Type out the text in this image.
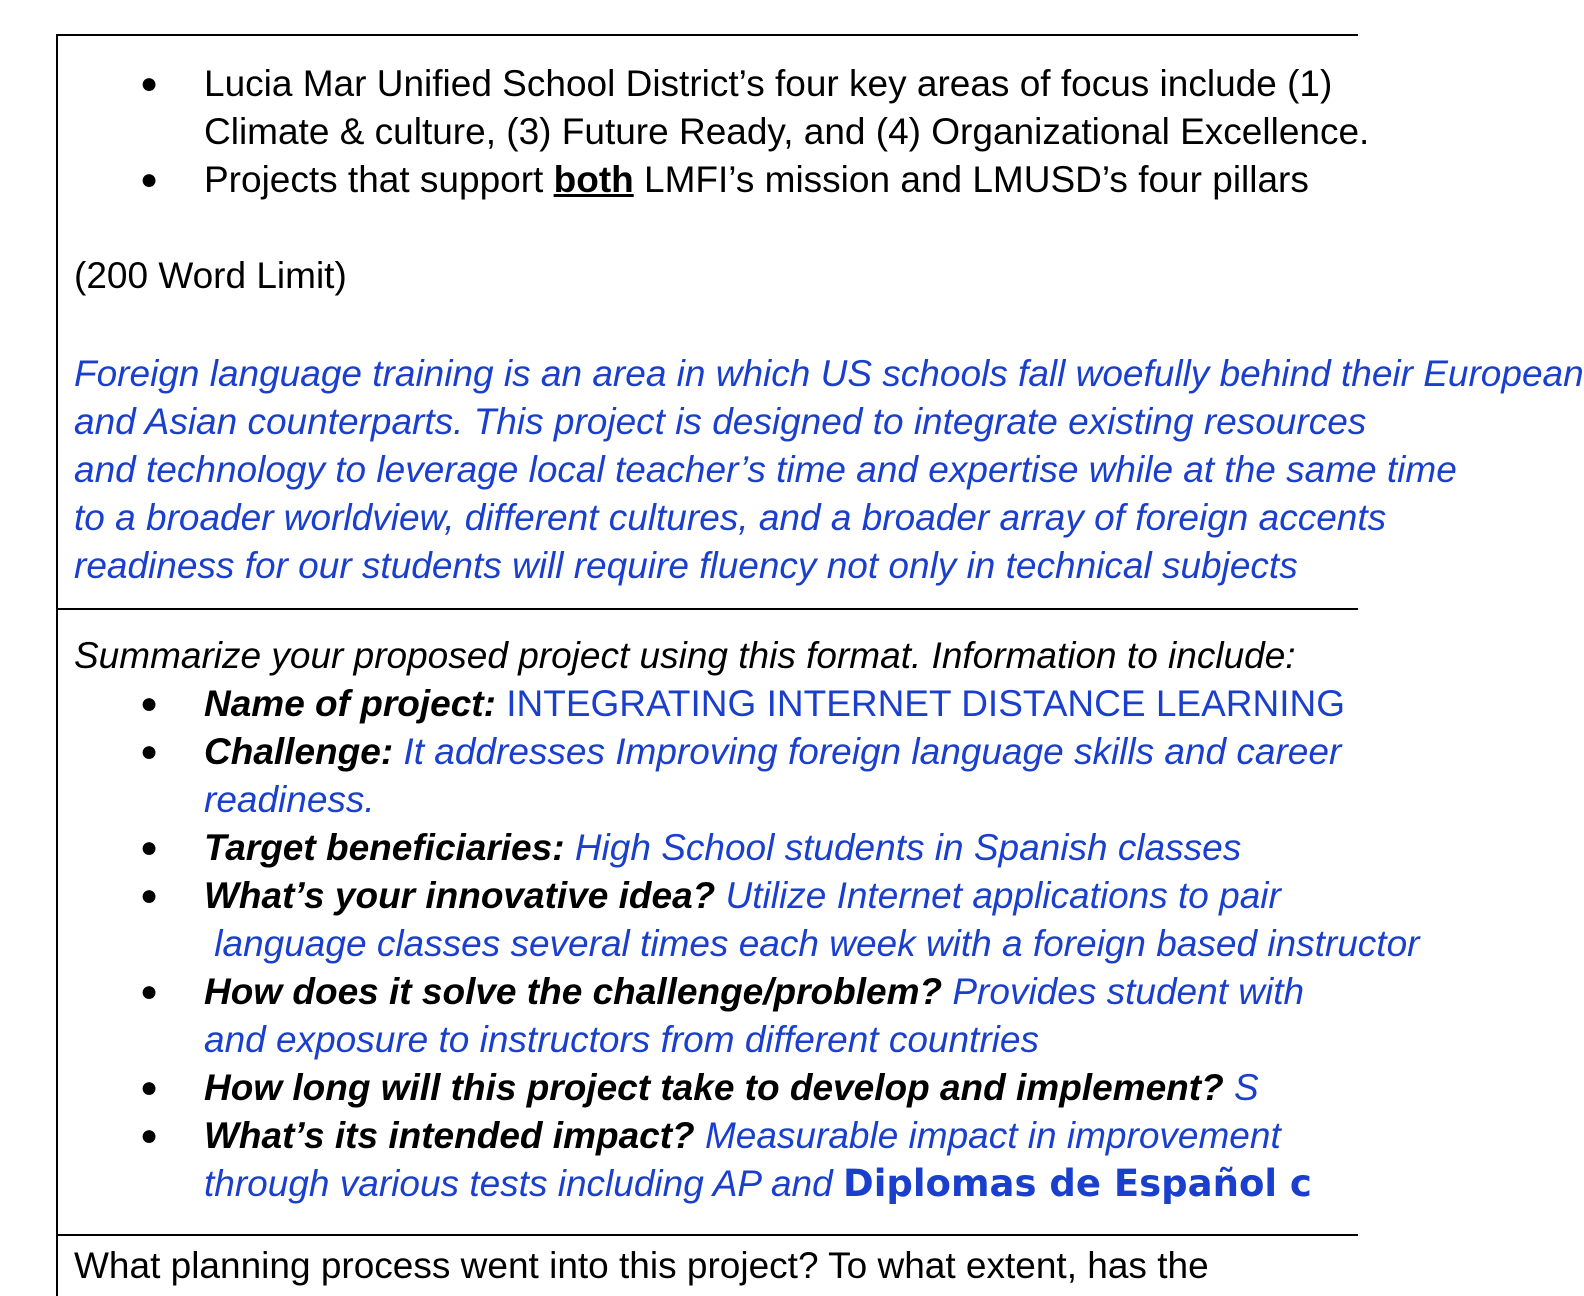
● Lucia Mar Unified School District’s four key areas of focus include (1)
Climate & culture, (3) Future Ready, and (4) Organizational Excellence.
● Projects that support both LMFI’s mission and LMUSD’s four pillars
(200 Word Limit)
Foreign language training is an area in which US schools fall woefully behind their European
and Asian counterparts. This project is designed to integrate existing resources
and technology to leverage local teacher’s time and expertise while at the same time
to a broader worldview, different cultures, and a broader array of foreign accents
readiness for our students will require fluency not only in technical subjects
Summarize your proposed project using this format. Information to include:
● Name of project: INTEGRATING INTERNET DISTANCE LEARNING
● Challenge: It addresses Improving foreign language skills and career
readiness.
● Target beneficiaries: High School students in Spanish classes
● What’s your innovative idea? Utilize Internet applications to pair
language classes several times each week with a foreign based instructor
● How does it solve the challenge/problem? Provides student with
and exposure to instructors from different countries
● How long will this project take to develop and implement? S
● What’s its intended impact? Measurable impact in improvement
through various tests including AP and Diplomas de Español c
What planning process went into this project? To what extent, has the
